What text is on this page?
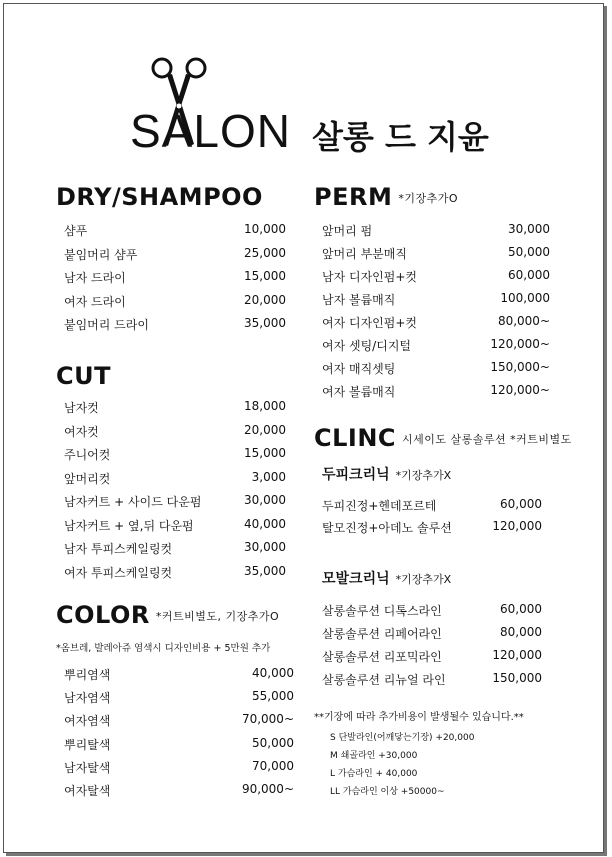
SALON 살롱 드 지윤
DRY/SHAMPOO
샴푸	10,000
붙임머리 샴푸	25,000
남자 드라이	15,000
여자 드라이	20,000
붙임머리 드라이	35,000
CUT
남자컷	18,000
여자컷	20,000
주니어컷	15,000
앞머리컷	3,000
남자커트 + 사이드 다운펌	30,000
남자커트 + 옆,뒤 다운펌	40,000
남자 투피스케일링컷	30,000
여자 투피스케일링컷	35,000
COLOR *커트비별도, 기장추가O
*옴브레, 발레아쥬 염색시 디자인비용 + 5만원 추가
뿌리염색	40,000
남자염색	55,000
여자염색	70,000~
뿌리탈색	50,000
남자탈색	70,000
여자탈색	90,000~
PERM *기장추가O
앞머리 펌	30,000
앞머리 부분매직	50,000
남자 디자인펌+컷	60,000
남자 볼륨매직	100,000
여자 디자인펌+컷	80,000~
여자 셋팅/디지털	120,000~
여자 매직셋팅	150,000~
여자 볼륨매직	120,000~
CLINC 시세이도 살롱솔루션 *커트비별도
두피크리닉 *기장추가X
두피진정+헨데포르테	60,000
탈모진정+아데노 솔루션	120,000
모발크리닉 *기장추가X
살롱솔루션 디톡스라인	60,000
살롱솔루션 리페어라인	80,000
살롱솔루션 리포믹라인	120,000
살롱솔루션 리뉴얼 라인	150,000
**기장에 따라 추가비용이 발생될수 있습니다.**
S 단발라인(어깨닿는기장) +20,000
M 쇄골라인 +30,000
L 가슴라인 + 40,000
LL 가슴라인 이상 +50000~
